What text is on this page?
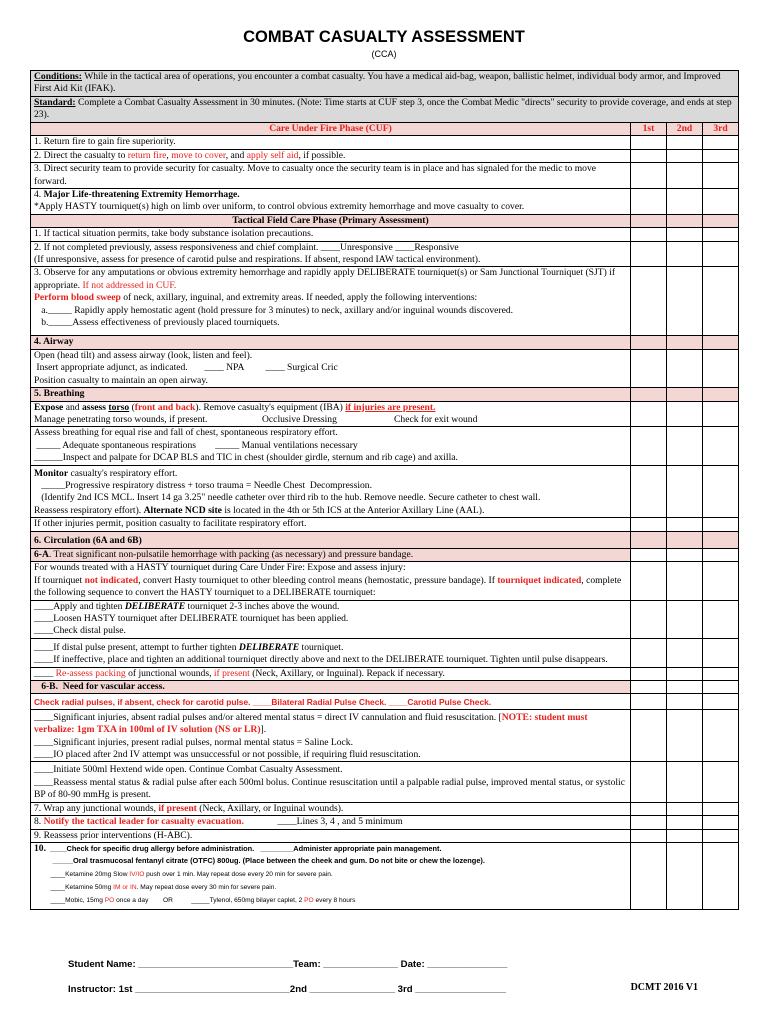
COMBAT CASUALTY ASSESSMENT
(CCA)
Conditions: While in the tactical area of operations, you encounter a combat casualty. You have a medical aid-bag, weapon, ballistic helmet, individual body armor, and Improved First Aid Kit (IFAK).			
Standard: Complete a Combat Casualty Assessment in 30 minutes. (Note: Time starts at CUF step 3, once the Combat Medic "directs" security to provide coverage, and ends at step 23).			
Care Under Fire Phase (CUF)	1st	2nd	3rd
1. Return fire to gain fire superiority.			
2. Direct the casualty to return fire, move to cover, and apply self aid, if possible.			
3. Direct security team to provide security for casualty. Move to casualty once the security team is in place and has signaled for the medic to move forward.			
4. Major Life-threatening Extremity Hemorrhage.
*Apply HASTY tourniquet(s) high on limb over uniform, to control obvious extremity hemorrhage and move casualty to cover.			
Tactical Field Care Phase (Primary Assessment)			
1. If tactical situation permits, take body substance isolation precautions.			
2. If not completed previously, assess responsiveness and chief complaint. ____Unresponsive ____Responsive
(If unresponsive, assess for presence of carotid pulse and respirations. If absent, respond IAW tactical environment).			
3. Observe for any amputations or obvious extremity hemorrhage and rapidly apply DELIBERATE tourniquet(s) or Sam Junctional Tourniquet (SJT) if appropriate. If not addressed in CUF.
Perform blood sweep of neck, axillary, inguinal, and extremity areas. If needed, apply the following interventions:
a._____ Rapidly apply hemostatic agent (hold pressure for 3 minutes) to neck, axillary and/or inguinal wounds discovered.
b._____Assess effectiveness of previously placed tourniquets.			
4. Airway			
Open (head tilt) and assess airway (look, listen and feel).
Insert appropriate adjunct, as indicated.       ____ NPA         ____ Surgical Cric
Position casualty to maintain an open airway.			
5. Breathing			
Expose and assess torso (front and back). Remove casualty's equipment (IBA) if injuries are present.
Manage penetrating torso wounds, if present. Occlusive Dressing Check for exit wound			
Assess breathing for equal rise and fall of chest, spontaneous respiratory effort.
_____ Adequate spontaneous respirations        _____ Manual ventilations necessary
______Inspect and palpate for DCAP BLS and TIC in chest (shoulder girdle, sternum and rib cage) and axilla.			
Monitor casualty's respiratory effort.
_____Progressive respiratory distress + torso trauma = Needle Chest  Decompression.
(Identify 2nd ICS MCL. Insert 14 ga 3.25" needle catheter over third rib to the hub. Remove needle. Secure catheter to chest wall.
Reassess respiratory effort). Alternate NCD site is located in the 4th or 5th ICS at the Anterior Axillary Line (AAL).			
If other injuries permit, position casualty to facilitate respiratory effort.			
6. Circulation (6A and 6B)			
6-A. Treat significant non-pulsatile hemorrhage with packing (as necessary) and pressure bandage.			
For wounds treated with a HASTY tourniquet during Care Under Fire: Expose and assess injury:
If tourniquet not indicated, convert Hasty tourniquet to other bleeding control means (hemostatic, pressure bandage). If tourniquet indicated, complete the following sequence to convert the HASTY tourniquet to a DELIBERATE tourniquet:			
____Apply and tighten DELIBERATE tourniquet 2-3 inches above the wound.
____Loosen HASTY tourniquet after DELIBERATE tourniquet has been applied.
____Check distal pulse.			
____If distal pulse present, attempt to further tighten DELIBERATE tourniquet.
____If ineffective, place and tighten an additional tourniquet directly above and next to the DELIBERATE tourniquet. Tighten until pulse disappears.			
____ Re-assess packing of junctional wounds, if present (Neck, Axillary, or Inguinal). Repack if necessary.			
6-B.  Need for vascular access.			
Check radial pulses, if absent, check for carotid pulse. ____Bilateral Radial Pulse Check. ____Carotid Pulse Check.			
____Significant injuries, absent radial pulses and/or altered mental status = direct IV cannulation and fluid resuscitation. [NOTE: student must verbalize: 1gm TXA in 100ml of IV solution (NS or LR)].
____Significant injuries, present radial pulses, normal mental status = Saline Lock.
____IO placed after 2nd IV attempt was unsuccessful or not possible, if requiring fluid resuscitation.			
____Initiate 500ml Hextend wide open. Continue Combat Casualty Assessment.
____Reassess mental status & radial pulse after each 500ml bolus. Continue resuscitation until a palpable radial pulse, improved mental status, or systolic BP of 80-90 mmHg is present.			
7. Wrap any junctional wounds, if present (Neck, Axillary, or Inguinal wounds).			
8. Notify the tactical leader for casualty evacuation.              ____Lines 3, 4 , and 5 minimum			
9. Reassess prior interventions (H-ABC).			
10.  ____Check for specific drug allergy before administration.   ________Administer appropriate pain management.
_____Oral trasmucosal fentanyl citrate (OTFC) 800ug. (Place between the cheek and gum. Do not bite or chew the lozenge).
____Ketamine 20mg Slow IV/IO push over 1 min. May repeat dose every 20 min for severe pain.
____Ketamine 50mg IM or IN. May repeat dose every 30 min for severe pain.
____Mobic, 15mg PO once a day        OR          _____Tylenol, 650mg bilayer caplet, 2 PO every 8 hours			
Student Name: _____________________________Team: ______________ Date: _______________
Instructor: 1st _____________________________2nd ________________ 3rd _________________	DCMT 2016 V1
